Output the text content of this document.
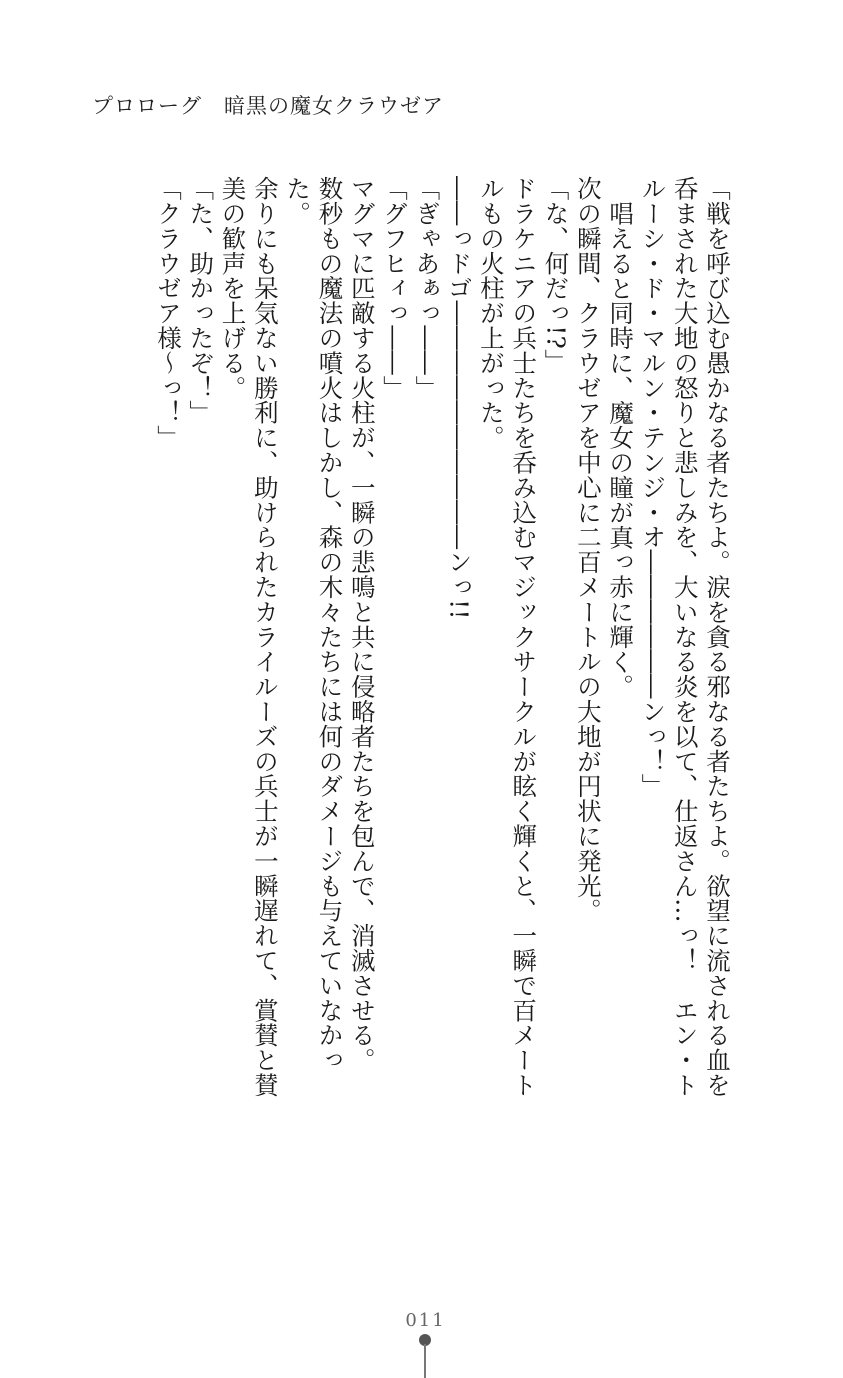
プロローグ 暗黒の魔女クラウゼア

「戦を呼び込む愚かなる者たちよ。涙を貪る邪なる者たちよ。欲望に流される血を呑まされた大地の怒りと悲しみを、大いなる炎を以て、仕返さん…っ！　エン・トルーシ・ド・マルン・テンジ・オ――――――ンっ！」

唱えると同時に、魔女の瞳が真っ赤に輝く。

次の瞬間、クラウゼアを中心に二百メートルの大地が円状に発光。

「な、何だっ!?」

ドラケニアの兵士たちを呑み込むマジックサークルが眩く輝くと、一瞬で百メートルもの火柱が上がった。

――っドゴ――――――――――ンっ!!

「ぎゃあぁっ――」

「グフヒィっ――」

マグマに匹敵する火柱が、一瞬の悲鳴と共に侵略者たちを包んで、消滅させる。

数秒もの魔法の噴火はしかし、森の木々たちには何のダメージも与えていなかった。

余りにも呆気ない勝利に、助けられたカライルーズの兵士が一瞬遅れて、賞賛と賛美の歓声を上げる。

「た、助かったぞ！」

「クラウゼア様〜っ！」

011
